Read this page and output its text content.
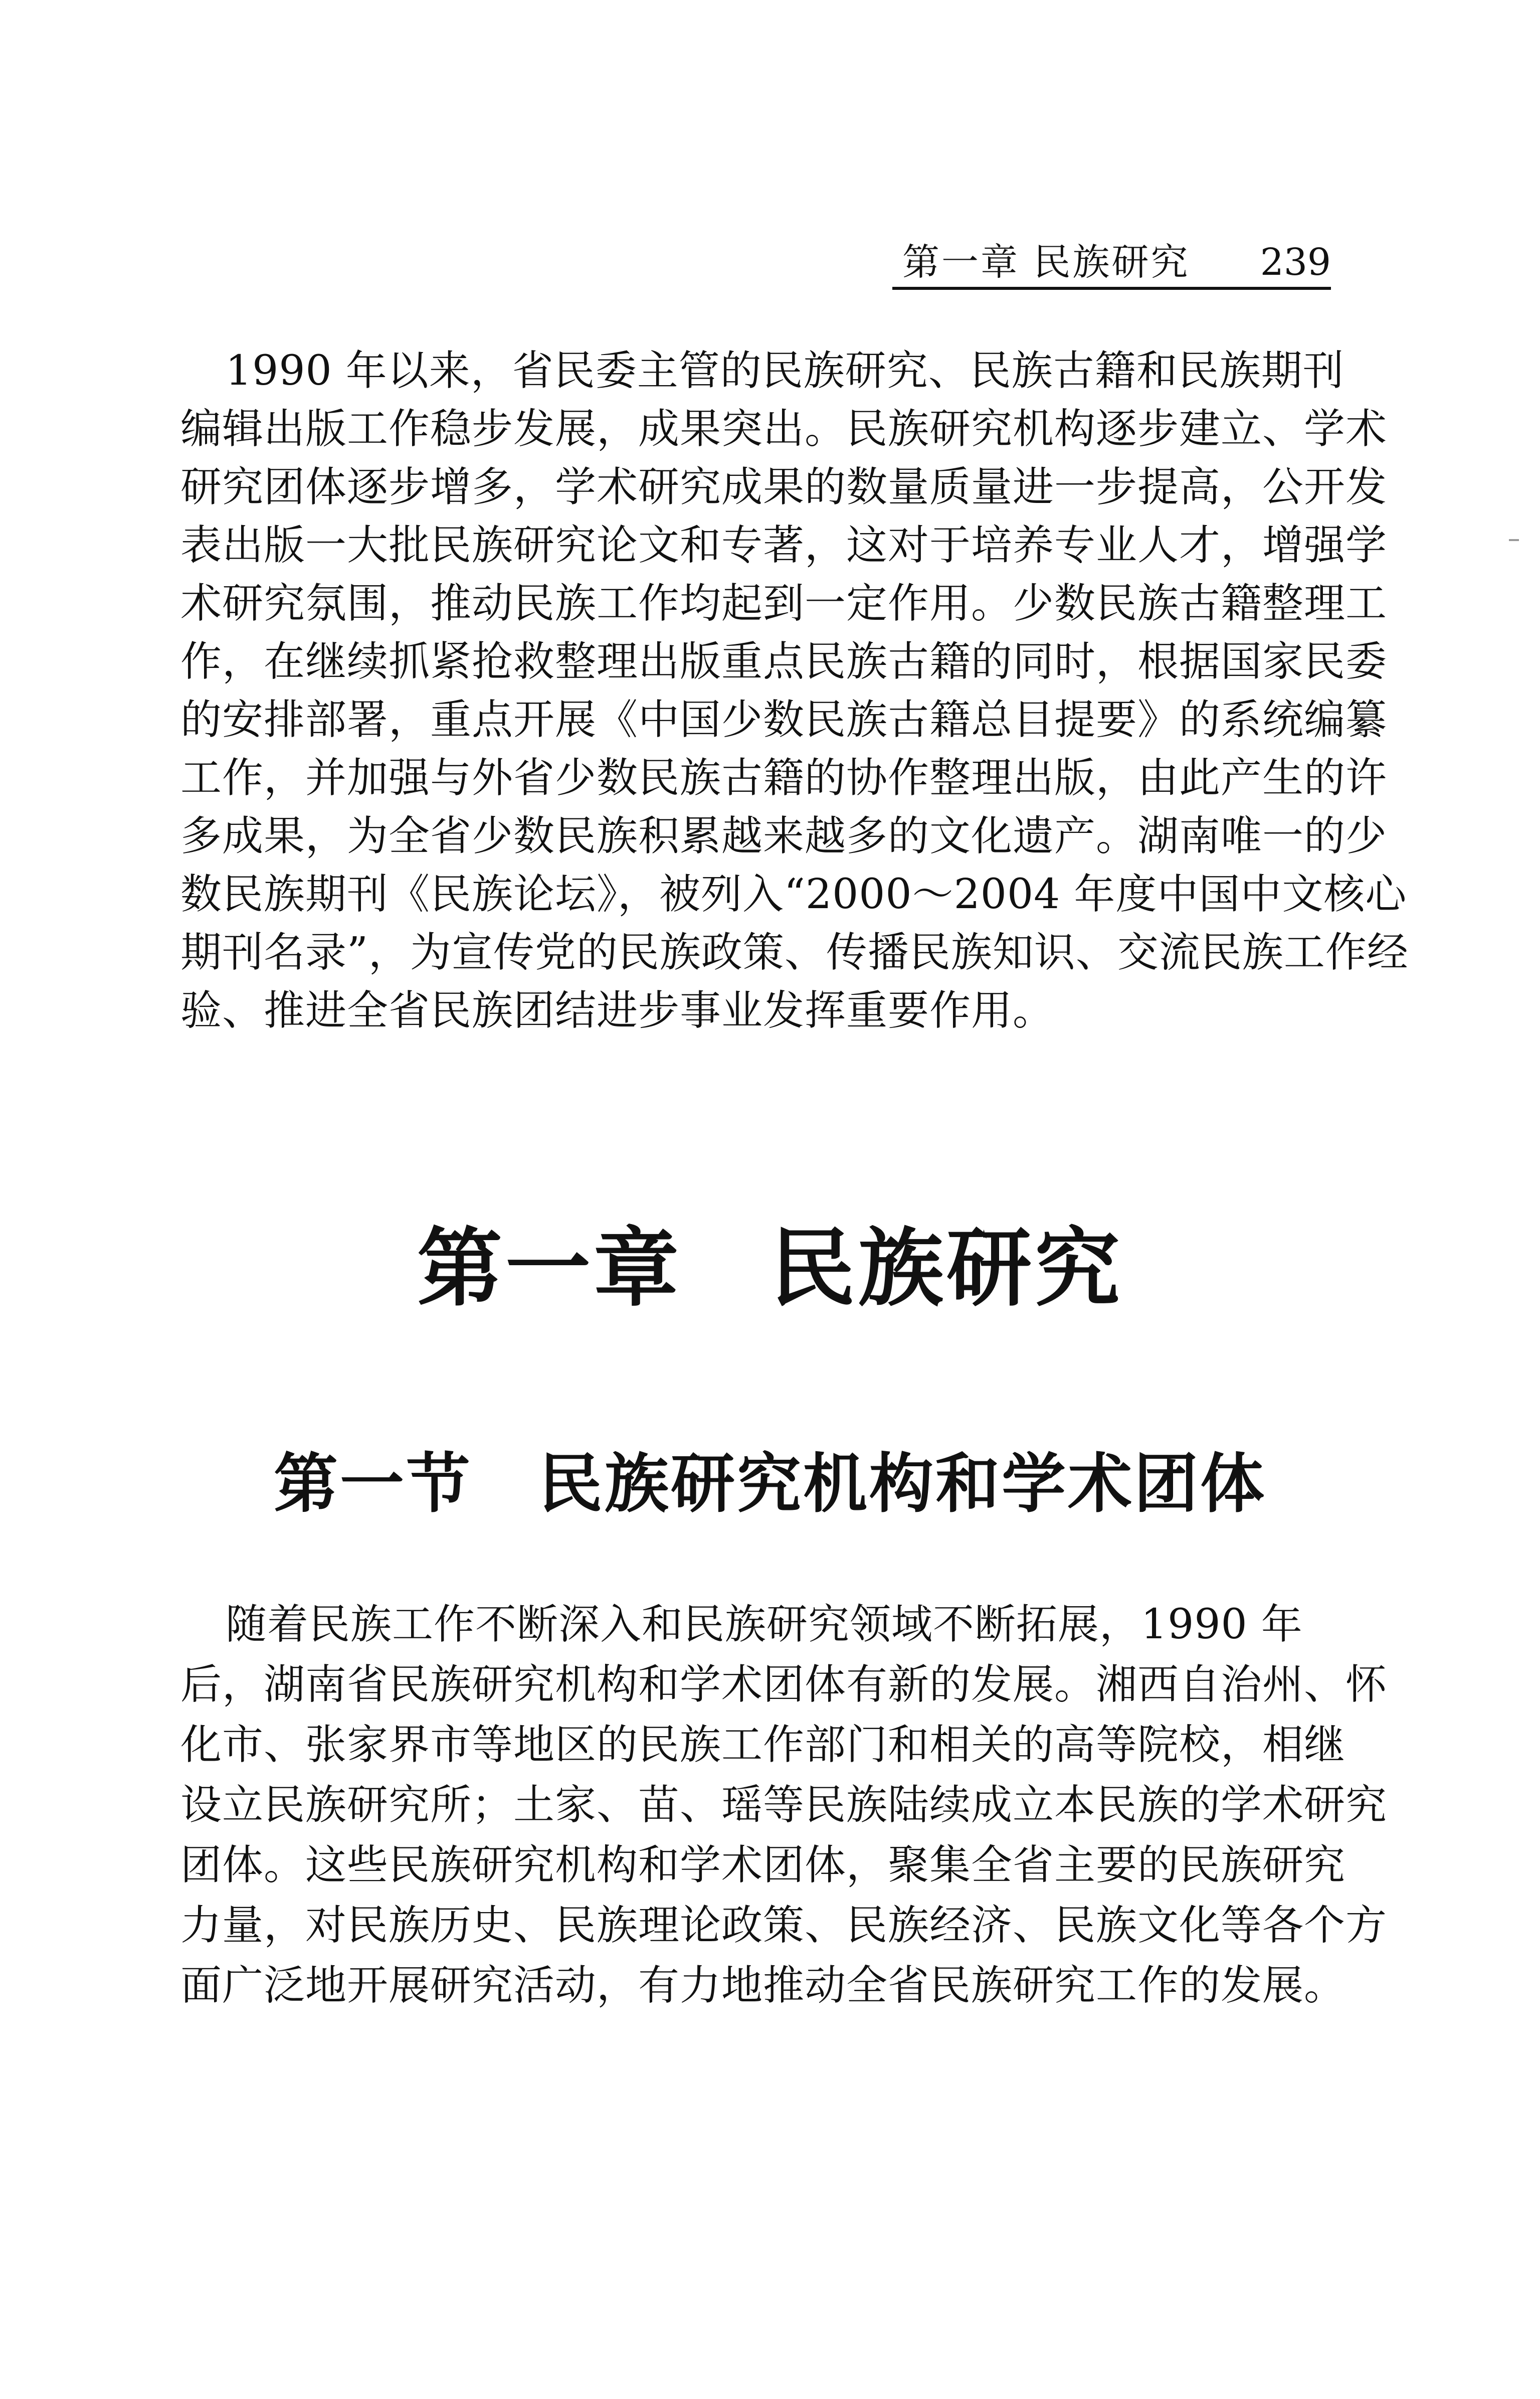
第一章 民族研究 239
1990 年以来，省民委主管的民族研究、民族古籍和民族期刊
编辑出版工作稳步发展，成果突出。民族研究机构逐步建立、学术
研究团体逐步增多，学术研究成果的数量质量进一步提高，公开发
表出版一大批民族研究论文和专著，这对于培养专业人才，增强学
术研究氛围，推动民族工作均起到一定作用。少数民族古籍整理工
作，在继续抓紧抢救整理出版重点民族古籍的同时，根据国家民委
的安排部署，重点开展《中国少数民族古籍总目提要》的系统编纂
工作，并加强与外省少数民族古籍的协作整理出版，由此产生的许
多成果，为全省少数民族积累越来越多的文化遗产。湖南唯一的少
数民族期刊《民族论坛》，被列入“2000～2004 年度中国中文核心
期刊名录”，为宣传党的民族政策、传播民族知识、交流民族工作经
验、推进全省民族团结进步事业发挥重要作用。
第一章　民族研究
第一节　民族研究机构和学术团体
随着民族工作不断深入和民族研究领域不断拓展，1990 年
后，湖南省民族研究机构和学术团体有新的发展。湘西自治州、怀
化市、张家界市等地区的民族工作部门和相关的高等院校，相继
设立民族研究所；土家、苗、瑶等民族陆续成立本民族的学术研究
团体。这些民族研究机构和学术团体，聚集全省主要的民族研究
力量，对民族历史、民族理论政策、民族经济、民族文化等各个方
面广泛地开展研究活动，有力地推动全省民族研究工作的发展。
